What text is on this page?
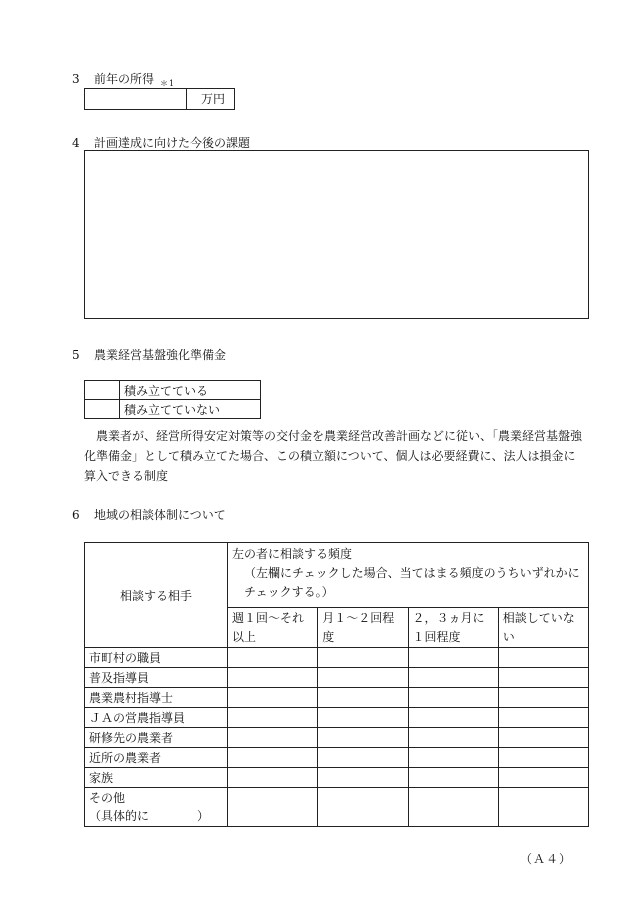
3 前年の所得 $_{*1}$
万円
4 計画達成に向けた今後の課題
5 農業経営基盤強化準備金
	積み立てている
	積み立てていない

農業者が、経営所得安定対策等の交付金を農業経営改善計画などに従い、「農業経営基盤強化準備金」として積み立てた場合、この積立額について、個人は必要経費に、法人は損金に算入できる制度

6 地域の相談体制について
相談する相手	左の者に相談する頻度
（左欄にチェックした場合、当てはまる頻度のうちいずれかにチェックする。）			

	週１回～それ以上	月１～２回程度	２，３ヵ月に１回程度	相談していない
市町村の職員				
普及指導員				
農業農村指導士				
ＪＡの営農指導員				
研修先の農業者				
近所の農業者				
家族				

その他
（具体的に　　　　）				

（Ａ４）
